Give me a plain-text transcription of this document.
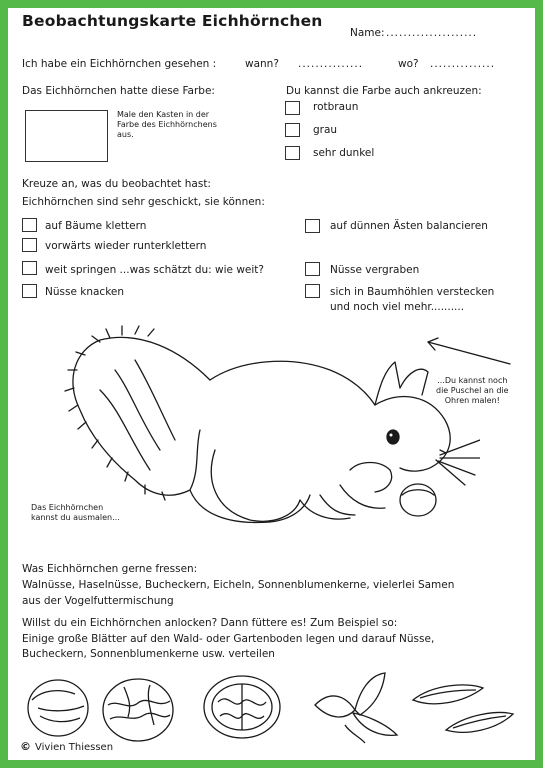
Beobachtungskarte Eichhörnchen
Name: .....................
Ich habe ein Eichhörnchen gesehen :	wann? ...............	wo? ...............
Das Eichhörnchen hatte diese Farbe:
Male den Kasten in der
Farbe des Eichhörnchens
aus.
Du kannst die Farbe auch ankreuzen:
rotbraun
grau
sehr dunkel
Kreuze an, was du beobachtet hast:
Eichhörnchen sind sehr geschickt, sie können:
auf Bäume klettern
vorwärts wieder runterklettern
weit springen ...was schätzt du: wie weit?
Nüsse knacken
auf dünnen Ästen balancieren
Nüsse vergraben
sich in Baumhöhlen verstecken
und noch viel mehr..........
...Du kannst noch
die Puschel an die
Ohren malen!
Das Eichhörnchen
kannst du ausmalen...
Was Eichhörnchen gerne fressen:
Walnüsse, Haselnüsse, Bucheckern, Eicheln, Sonnenblumenkerne, vielerlei Samen
aus der Vogelfuttermischung
Willst du ein Eichhörnchen anlocken? Dann füttere es! Zum Beispiel so:
Einige große Blätter auf den Wald- oder Gartenboden legen und darauf Nüsse,
Bucheckern, Sonnenblumenkerne usw. verteilen
© Vivien Thiessen
